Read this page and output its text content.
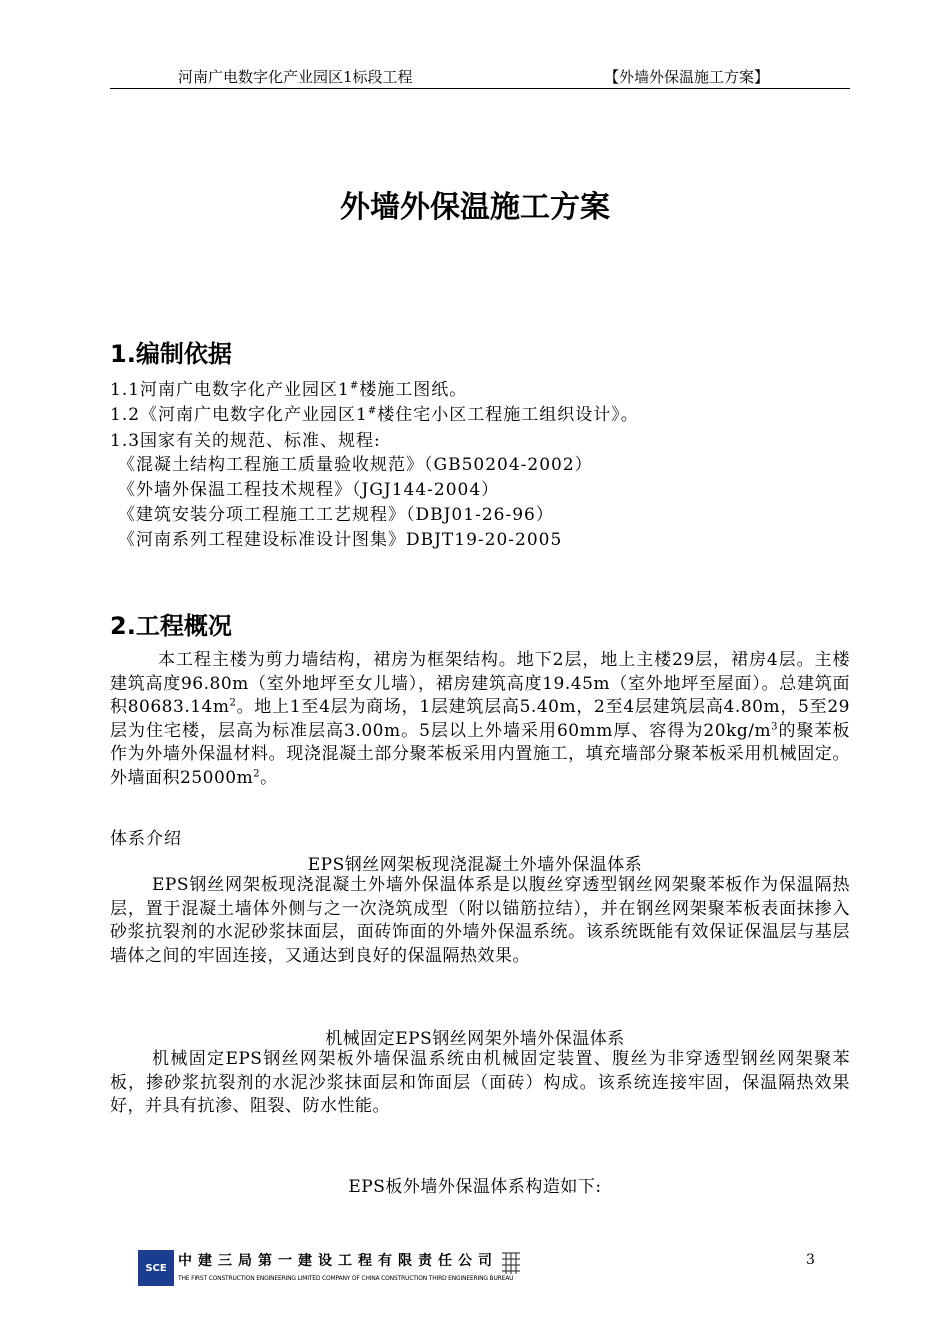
河南广电数字化产业园区1标段工程	【外墙外保温施工方案】
外墙外保温施工方案
1.编制依据
1.1河南广电数字化产业园区1#楼施工图纸。
1.2《河南广电数字化产业园区1#楼住宅小区工程施工组织设计》。
1.3国家有关的规范、标准、规程:
《混凝土结构工程施工质量验收规范》（GB50204-2002）
《外墙外保温工程技术规程》（JGJ144-2004）
《建筑安装分项工程施工工艺规程》（DBJ01-26-96）
《河南系列工程建设标准设计图集》DBJT19-20-2005
2.工程概况
本工程主楼为剪力墙结构，裙房为框架结构。地下2层，地上主楼29层，裙房4层。主楼建筑高度96.80m（室外地坪至女儿墙），裙房建筑高度19.45m（室外地坪至屋面）。总建筑面积$80683.14m^2$。地上1至4层为商场，1层建筑层高5.40m，2至4层建筑层高4.80m，5至29层为住宅楼，层高为标准层高3.00m。5层以上外墙采用60mm厚、容得为$20kg/m^3$的聚苯板作为外墙外保温材料。现浇混凝土部分聚苯板采用内置施工，填充墙部分聚苯板采用机械固定。外墙面积$25000m^2$。
体系介绍
EPS钢丝网架板现浇混凝土外墙外保温体系
EPS钢丝网架板现浇混凝土外墙外保温体系是以腹丝穿透型钢丝网架聚苯板作为保温隔热层，置于混凝土墙体外侧与之一次浇筑成型（附以锚筋拉结），并在钢丝网架聚苯板表面抹掺入砂浆抗裂剂的水泥砂浆抹面层，面砖饰面的外墙外保温系统。该系统既能有效保证保温层与基层墙体之间的牢固连接，又通达到良好的保温隔热效果。
机械固定EPS钢丝网架外墙外保温体系
机械固定EPS钢丝网架板外墙保温系统由机械固定装置、腹丝为非穿透型钢丝网架聚苯板，掺砂浆抗裂剂的水泥沙浆抹面层和饰面层（面砖）构成。该系统连接牢固，保温隔热效果好，并具有抗渗、阻裂、防水性能。
EPS板外墙外保温体系构造如下:
SCE 中建三局第一建设工程有限责任公司
THE FIRST CONSTRUCTION ENGINEERING LIMITED COMPANY OF CHINA CONSTRUCTION THIRD ENGINEERING BUREAU
3
